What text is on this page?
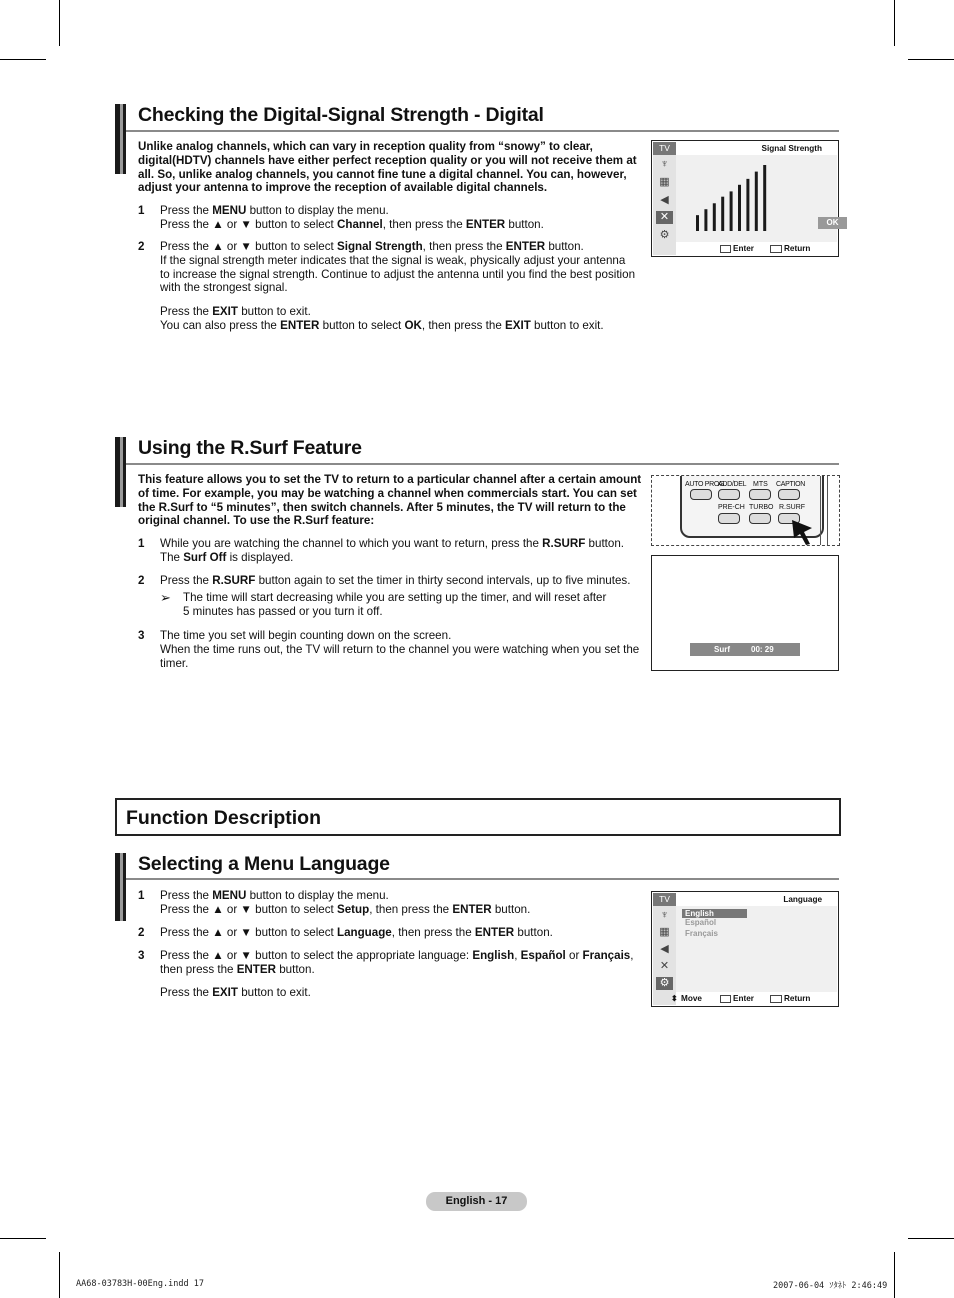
Checking the Digital-Signal Strength - Digital
Unlike analog channels, which can vary in reception quality from “snowy” to clear,
digital(HDTV) channels have either perfect reception quality or you will not receive them at
all. So, unlike analog channels, you cannot fine tune a digital channel. You can, however,
adjust your antenna to improve the reception of available digital channels.
1 Press the MENU button to display the menu.
Press the ▲ or ▼ button to select Channel, then press the ENTER button.
2 Press the ▲ or ▼ button to select Signal Strength, then press the ENTER button.
If the signal strength meter indicates that the signal is weak, physically adjust your antenna
to increase the signal strength. Continue to adjust the antenna until you find the best position
with the strongest signal.
Press the EXIT button to exit.
You can also press the ENTER button to select OK, then press the EXIT button to exit.
TV
♆
▦
◀
✕
⚙
Signal Strength
OK
Enter	Return
Using the R.Surf Feature
This feature allows you to set the TV to return to a particular channel after a certain amount
of time. For example, you may be watching a channel when commercials start. You can set
the R.Surf to “5 minutes”, then switch channels. After 5 minutes, the TV will return to the
original channel. To use the R.Surf feature:
1 While you are watching the channel to which you want to return, press the R.SURF button.
The Surf Off is displayed.
2 Press the R.SURF button again to set the timer in thirty second intervals, up to five minutes.
➢ The time will start decreasing while you are setting up the timer, and will reset after
5 minutes has passed or you turn it off.
3 The time you set will begin counting down on the screen.
When the time runs out, the TV will return to the channel you were watching when you set the
timer.
AUTO PROG.
ADD/DEL MTS CAPTION
PRE-CH TURBO R.SURF
Surf	00: 29
Function Description
Selecting a Menu Language
1 Press the MENU button to display the menu.
Press the ▲ or ▼ button to select Setup, then press the ENTER button.
2 Press the ▲ or ▼ button to select Language, then press the ENTER button.
3 Press the ▲ or ▼ button to select the appropriate language: English, Español or Français,
then press the ENTER button.
Press the EXIT button to exit.
TV
♆
▦
◀
✕
⚙
Language
English
Español
Français
⬍ Move	Enter	Return
English - 17
AA68-03783H-00Eng.indd 17	2007-06-04 ｿﾀﾈﾄ 2:46:49
